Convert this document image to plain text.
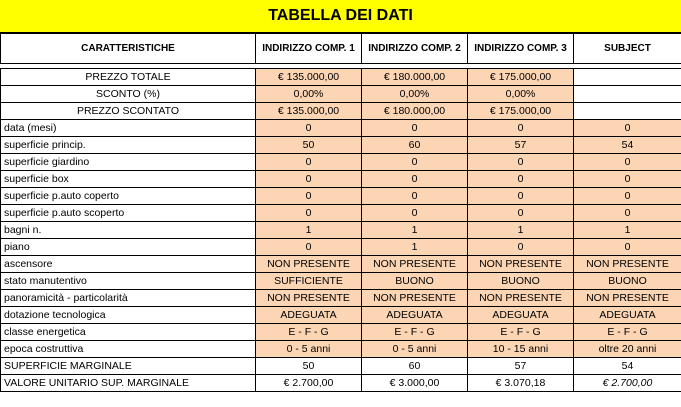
TABELLA DEI DATI
CARATTERISTICHE	INDIRIZZO COMP. 1	INDIRIZZO COMP. 2	INDIRIZZO COMP. 3	SUBJECT

PREZZO TOTALE	€ 135.000,00	€ 180.000,00	€ 175.000,00	
SCONTO (%)	0,00%	0,00%	0,00%	
PREZZO SCONTATO	€ 135.000,00	€ 180.000,00	€ 175.000,00	
data (mesi)	0	0	0	0
superficie princip.	50	60	57	54
superficie giardino	0	0	0	0
superficie box	0	0	0	0
superficie p.auto coperto	0	0	0	0
superficie p.auto scoperto	0	0	0	0
bagni n.	1	1	1	1
piano	0	1	0	0
ascensore	NON PRESENTE	NON PRESENTE	NON PRESENTE	NON PRESENTE
stato manutentivo	SUFFICIENTE	BUONO	BUONO	BUONO
panoramicità - particolarità	NON PRESENTE	NON PRESENTE	NON PRESENTE	NON PRESENTE
dotazione tecnologica	ADEGUATA	ADEGUATA	ADEGUATA	ADEGUATA
classe energetica	E - F - G	E - F - G	E - F - G	E - F - G
epoca costruttiva	0 - 5 anni	0 - 5 anni	10 - 15 anni	oltre 20 anni
SUPERFICIE MARGINALE	50	60	57	54
VALORE UNITARIO SUP. MARGINALE	€ 2.700,00	€ 3.000,00	€ 3.070,18	€ 2.700,00
